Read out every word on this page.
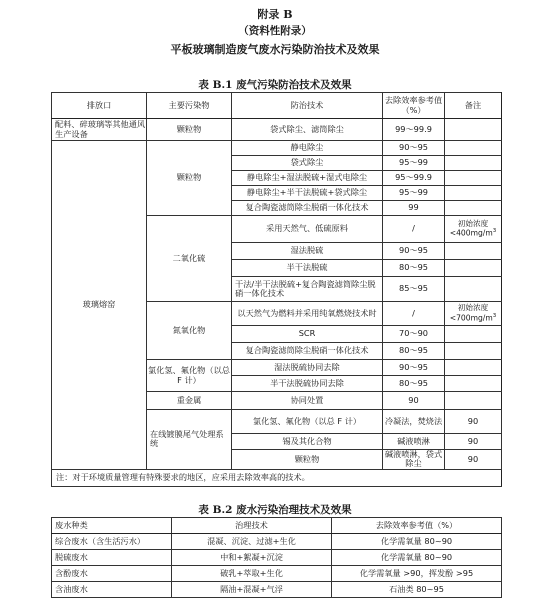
附录 B
（资料性附录）
平板玻璃制造废气废水污染防治技术及效果
表 B.1 废气污染防治技术及效果
排放口	主要污染物	防治技术	去除效率参考值（%）	备注	
配料、碎玻璃等其他通风生产设备	颗粒物	袋式除尘、滤筒除尘	99～99.9		
玻璃熔窑	颗粒物	静电除尘	90～95		
		袋式除尘	95～99		
		静电除尘+湿法脱硫+湿式电除尘	95～99.9		
		静电除尘+半干法脱硫+袋式除尘	95～99		
		复合陶瓷滤筒除尘脱硝一体化技术	99		
	二氧化硫	采用天然气、低硫原料	/	初始浓度
$<400mg/m^3$
		湿法脱硫	90～95		
		半干法脱硫	80～95		
		干法/半干法脱硫+复合陶瓷滤筒除尘脱硝一体化技术	85～95		
	氮氧化物	以天然气为燃料并采用纯氧燃烧技术时	/	初始浓度
$<700mg/m^3$
		SCR	70～90		
		复合陶瓷滤筒除尘脱硝一体化技术	80～95		
	氯化氢、氟化物（以总 F 计）	湿法脱硫协同去除	90～95		
		半干法脱硫协同去除	80～95		
	重金属	协同处置	90		
	在线镀膜尾气处理系统	氯化氢、氟化物（以总 F 计）	冷凝法，焚烧法	90	
		锡及其化合物	碱液喷淋	90	
		颗粒物	碱液喷淋，袋式除尘	90	
注：对于环境质量管理有特殊要求的地区，应采用去除效率高的技术。					
表 B.2 废水污染治理技术及效果
废水种类	治理技术	去除效率参考值（%）
综合废水（含生活污水）	混凝、沉淀、过滤+生化	化学需氧量 80~90
脱硫废水	中和+絮凝+沉淀	化学需氧量 80~90
含酚废水	破乳+萃取+生化	化学需氧量 >90，挥发酚 >95
含油废水	隔油+混凝+气浮	石油类 80~95
